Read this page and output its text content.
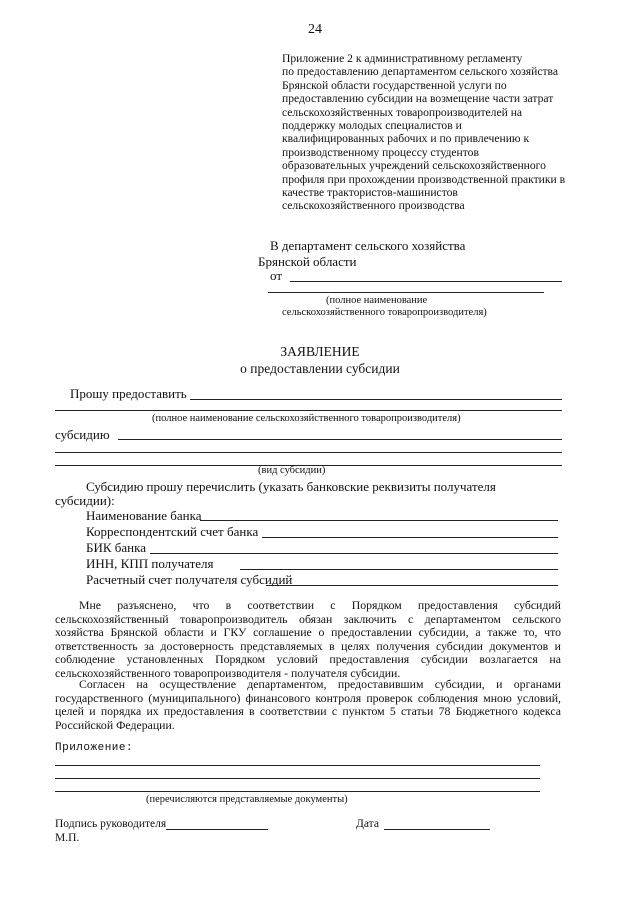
24
Приложение 2 к административному регламенту
по предоставлению департаментом сельского хозяйства
Брянской области государственной услуги по
предоставлению субсидии на возмещение части затрат
сельскохозяйственных товаропроизводителей на
поддержку молодых специалистов и
квалифицированных рабочих и по привлечению к
производственному процессу студентов
образовательных учреждений сельскохозяйственного
профиля при прохождении производственной практики в
качестве трактористов-машинистов
сельскохозяйственного производства
В департамент сельского хозяйства
Брянской области
от
(полное наименование
сельскохозяйственного товаропроизводителя)
ЗАЯВЛЕНИЕ
о предоставлении субсидии
Прошу предоставить
(полное наименование сельскохозяйственного товаропроизводителя)
субсидию
(вид субсидии)
Субсидию прошу перечислить (указать банковские реквизиты получателя
субсидии):
Наименование банка
Корреспондентский счет банка
БИК банка
ИНН, КПП получателя
Расчетный счет получателя субсидий
Мне разъяснено, что в соответствии с Порядком предоставления субсидий сельскохозяйственный товаропроизводитель обязан заключить с департаментом сельского хозяйства Брянской области и ГКУ соглашение о предоставлении субсидии, а также то, что ответственность за достоверность представляемых в целях получения субсидии документов и соблюдение установленных Порядком условий предоставления субсидии возлагается на сельскохозяйственного товаропроизводителя - получателя субсидии.
Согласен на осуществление департаментом, предоставившим субсидии, и органами государственного (муниципального) финансового контроля проверок соблюдения мною условий, целей и порядка их предоставления в соответствии с пунктом 5 статьи 78 Бюджетного кодекса Российской Федерации.
Приложение:
(перечисляются представляемые документы)
Подпись руководителя
М.П.
Дата
